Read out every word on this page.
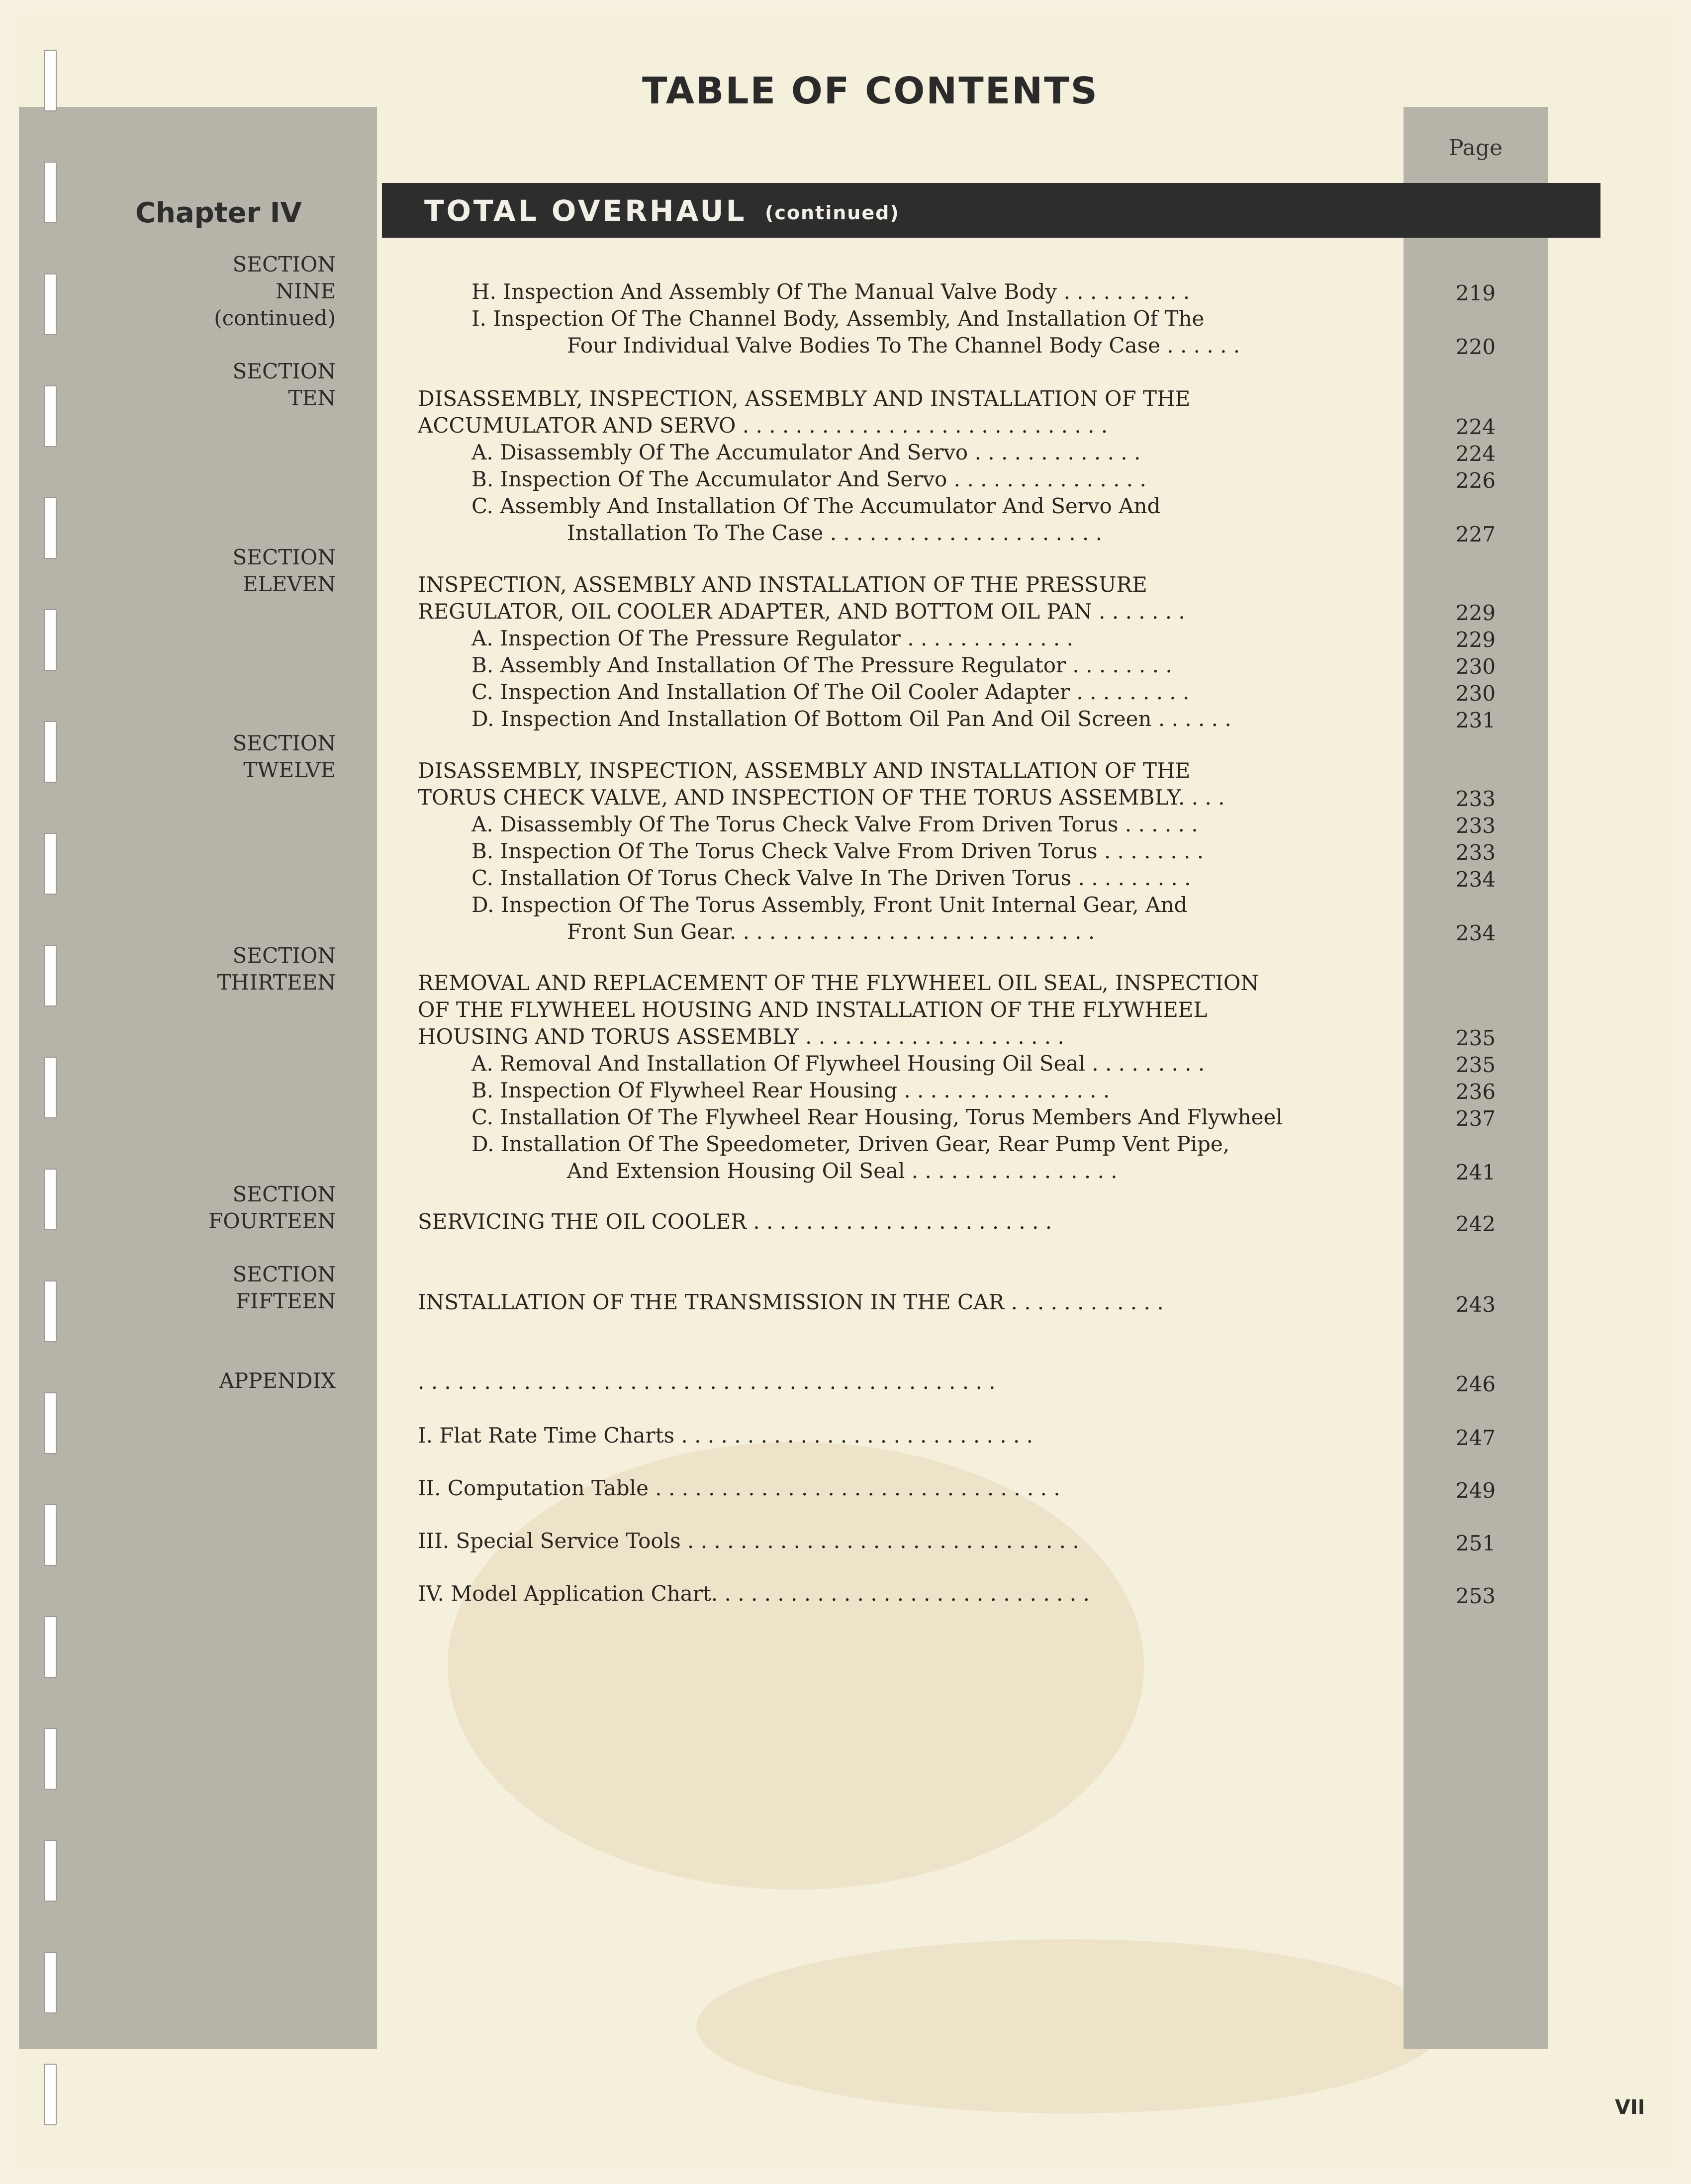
TABLE OF CONTENTS
Page
Chapter IV	TOTAL OVERHAUL (continued)
SECTION
NINE
(continued)
SECTION
TEN
SECTION
ELEVEN
SECTION
TWELVE
SECTION
THIRTEEN
SECTION
FOURTEEN
SECTION
FIFTEEN
APPENDIX
H. Inspection And Assembly Of The Manual Valve Body . . . . . . . . . .
I. Inspection Of The Channel Body, Assembly, And Installation Of The
Four Individual Valve Bodies To The Channel Body Case . . . . . .
DISASSEMBLY, INSPECTION, ASSEMBLY AND INSTALLATION OF THE
ACCUMULATOR AND SERVO . . . . . . . . . . . . . . . . . . . . . . . . . . . .
A. Disassembly Of The Accumulator And Servo . . . . . . . . . . . . .
B. Inspection Of The Accumulator And Servo . . . . . . . . . . . . . . .
C. Assembly And Installation Of The Accumulator And Servo And
Installation To The Case . . . . . . . . . . . . . . . . . . . . .
INSPECTION, ASSEMBLY AND INSTALLATION OF THE PRESSURE
REGULATOR, OIL COOLER ADAPTER, AND BOTTOM OIL PAN . . . . . . .
A. Inspection Of The Pressure Regulator . . . . . . . . . . . . .
B. Assembly And Installation Of The Pressure Regulator . . . . . . . .
C. Inspection And Installation Of The Oil Cooler Adapter . . . . . . . . .
D. Inspection And Installation Of Bottom Oil Pan And Oil Screen . . . . . .
DISASSEMBLY, INSPECTION, ASSEMBLY AND INSTALLATION OF THE
TORUS CHECK VALVE, AND INSPECTION OF THE TORUS ASSEMBLY. . . .
A. Disassembly Of The Torus Check Valve From Driven Torus . . . . . .
B. Inspection Of The Torus Check Valve From Driven Torus . . . . . . . .
C. Installation Of Torus Check Valve In The Driven Torus . . . . . . . . .
D. Inspection Of The Torus Assembly, Front Unit Internal Gear, And
Front Sun Gear. . . . . . . . . . . . . . . . . . . . . . . . . . . .
REMOVAL AND REPLACEMENT OF THE FLYWHEEL OIL SEAL, INSPECTION
OF THE FLYWHEEL HOUSING AND INSTALLATION OF THE FLYWHEEL
HOUSING AND TORUS ASSEMBLY . . . . . . . . . . . . . . . . . . . .
A. Removal And Installation Of Flywheel Housing Oil Seal . . . . . . . . .
B. Inspection Of Flywheel Rear Housing . . . . . . . . . . . . . . . .
C. Installation Of The Flywheel Rear Housing, Torus Members And Flywheel
D. Installation Of The Speedometer, Driven Gear, Rear Pump Vent Pipe,
And Extension Housing Oil Seal . . . . . . . . . . . . . . . .
SERVICING THE OIL COOLER . . . . . . . . . . . . . . . . . . . . . . .
INSTALLATION OF THE TRANSMISSION IN THE CAR . . . . . . . . . . . .
. . . . . . . . . . . . . . . . . . . . . . . . . . . . . . . . . . . . . . . . . . . .
I. Flat Rate Time Charts . . . . . . . . . . . . . . . . . . . . . . . . . . .
II. Computation Table . . . . . . . . . . . . . . . . . . . . . . . . . . . . . . .
III. Special Service Tools . . . . . . . . . . . . . . . . . . . . . . . . . . . . . .
IV. Model Application Chart. . . . . . . . . . . . . . . . . . . . . . . . . . . . .
219
220
224
224
226
227
229
229
230
230
231
233
233
233
234
234
235
235
236
237
241
242
243
246
247
249
251
253
VII
